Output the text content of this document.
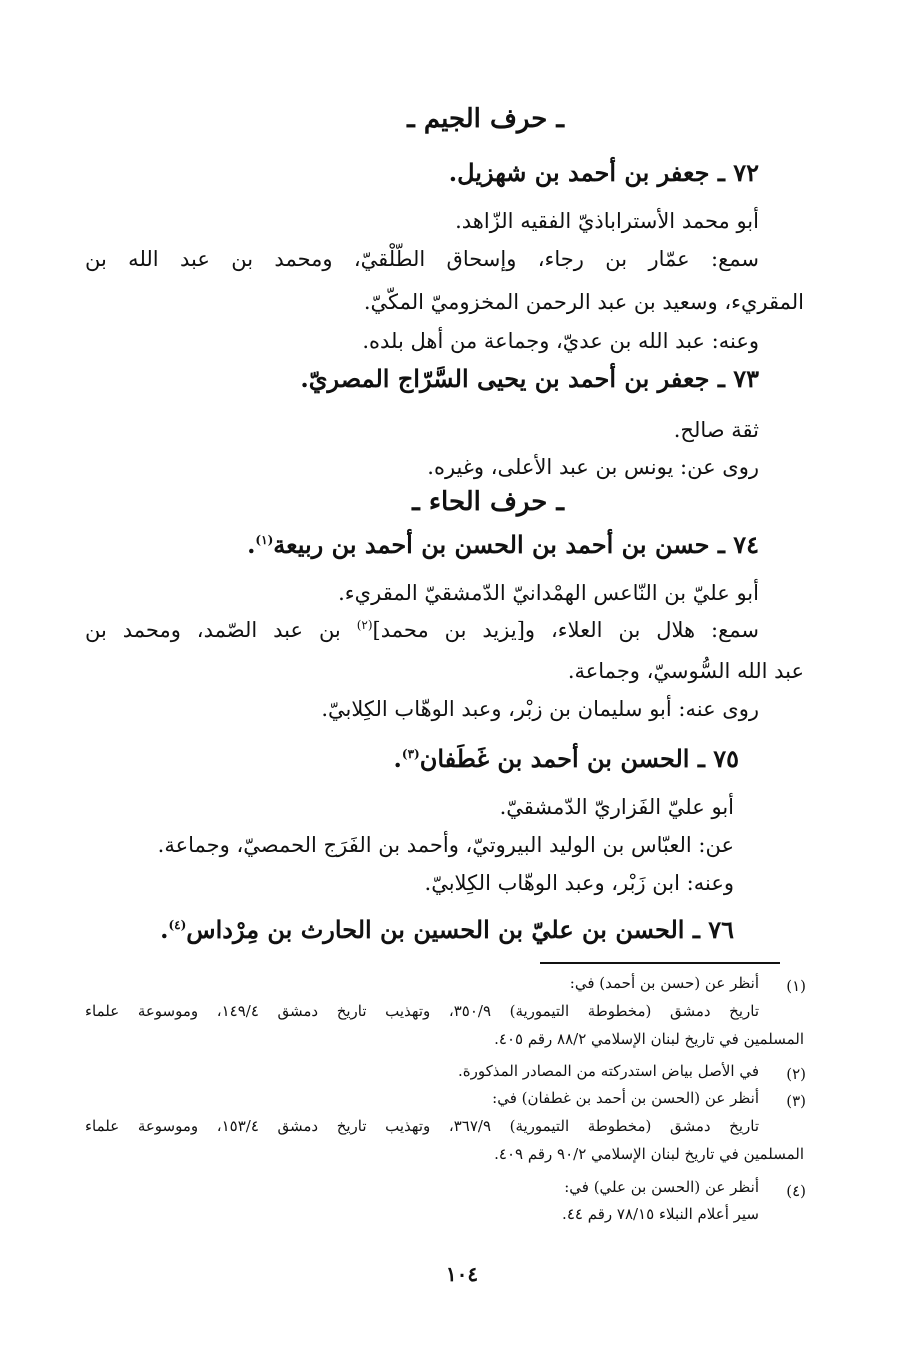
ـ حرف الجيم ـ
٧٢ ـ جعفر بن أحمد بن شهزيل.
أبو محمد الأستراباذيّ الفقيه الزّاهد.
سمع: عمّار بن رجاء، وإسحاق الطّلْقيّ، ومحمد بن عبد الله بن
المقريء، وسعيد بن عبد الرحمن المخزوميّ المكّيّ.
وعنه: عبد الله بن عديّ، وجماعة من أهل بلده.
٧٣ ـ جعفر بن أحمد بن يحيى السَّرّاج المصريّ.
ثقة صالح.
روى عن: يونس بن عبد الأعلى، وغيره.
ـ حرف الحاء ـ
٧٤ ـ حسن بن أحمد بن الحسن بن أحمد بن ربيعة$^{(١)}$.
أبو عليّ بن النّاعس الهمْدانيّ الدّمشقيّ المقريء.
سمع: هلال بن العلاء، و[يزيد بن محمد]$^{(٢)}$ بن عبد الصّمد، ومحمد بن
عبد الله السُّوسيّ، وجماعة.
روى عنه: أبو سليمان بن زبْر، وعبد الوهّاب الكِلابيّ.
٧٥ ـ الحسن بن أحمد بن غَطَفان$^{(٣)}$.
أبو عليّ الفَزاريّ الدّمشقيّ.
عن: العبّاس بن الوليد البيروتيّ، وأحمد بن الفَرَج الحمصيّ، وجماعة.
وعنه: ابن زَبْر، وعبد الوهّاب الكِلابيّ.
٧٦ ـ الحسن بن عليّ بن الحسين بن الحارث بن مِرْداس$^{(٤)}$.
(١)
أنظر عن (حسن بن أحمد) في:
تاريخ دمشق (مخطوطة التيمورية) ٣٥٠/٩، وتهذيب تاريخ دمشق ١٤٩/٤، وموسوعة علماء
المسلمين في تاريخ لبنان الإسلامي ٨٨/٢ رقم ٤٠٥.
(٢)
في الأصل بياض استدركته من المصادر المذكورة.
(٣)
أنظر عن (الحسن بن أحمد بن غطفان) في:
تاريخ دمشق (مخطوطة التيمورية) ٣٦٧/٩، وتهذيب تاريخ دمشق ١٥٣/٤، وموسوعة علماء
المسلمين في تاريخ لبنان الإسلامي ٩٠/٢ رقم ٤٠٩.
(٤)
أنظر عن (الحسن بن علي) في:
سير أعلام النبلاء ٧٨/١٥ رقم ٤٤.
١٠٤
